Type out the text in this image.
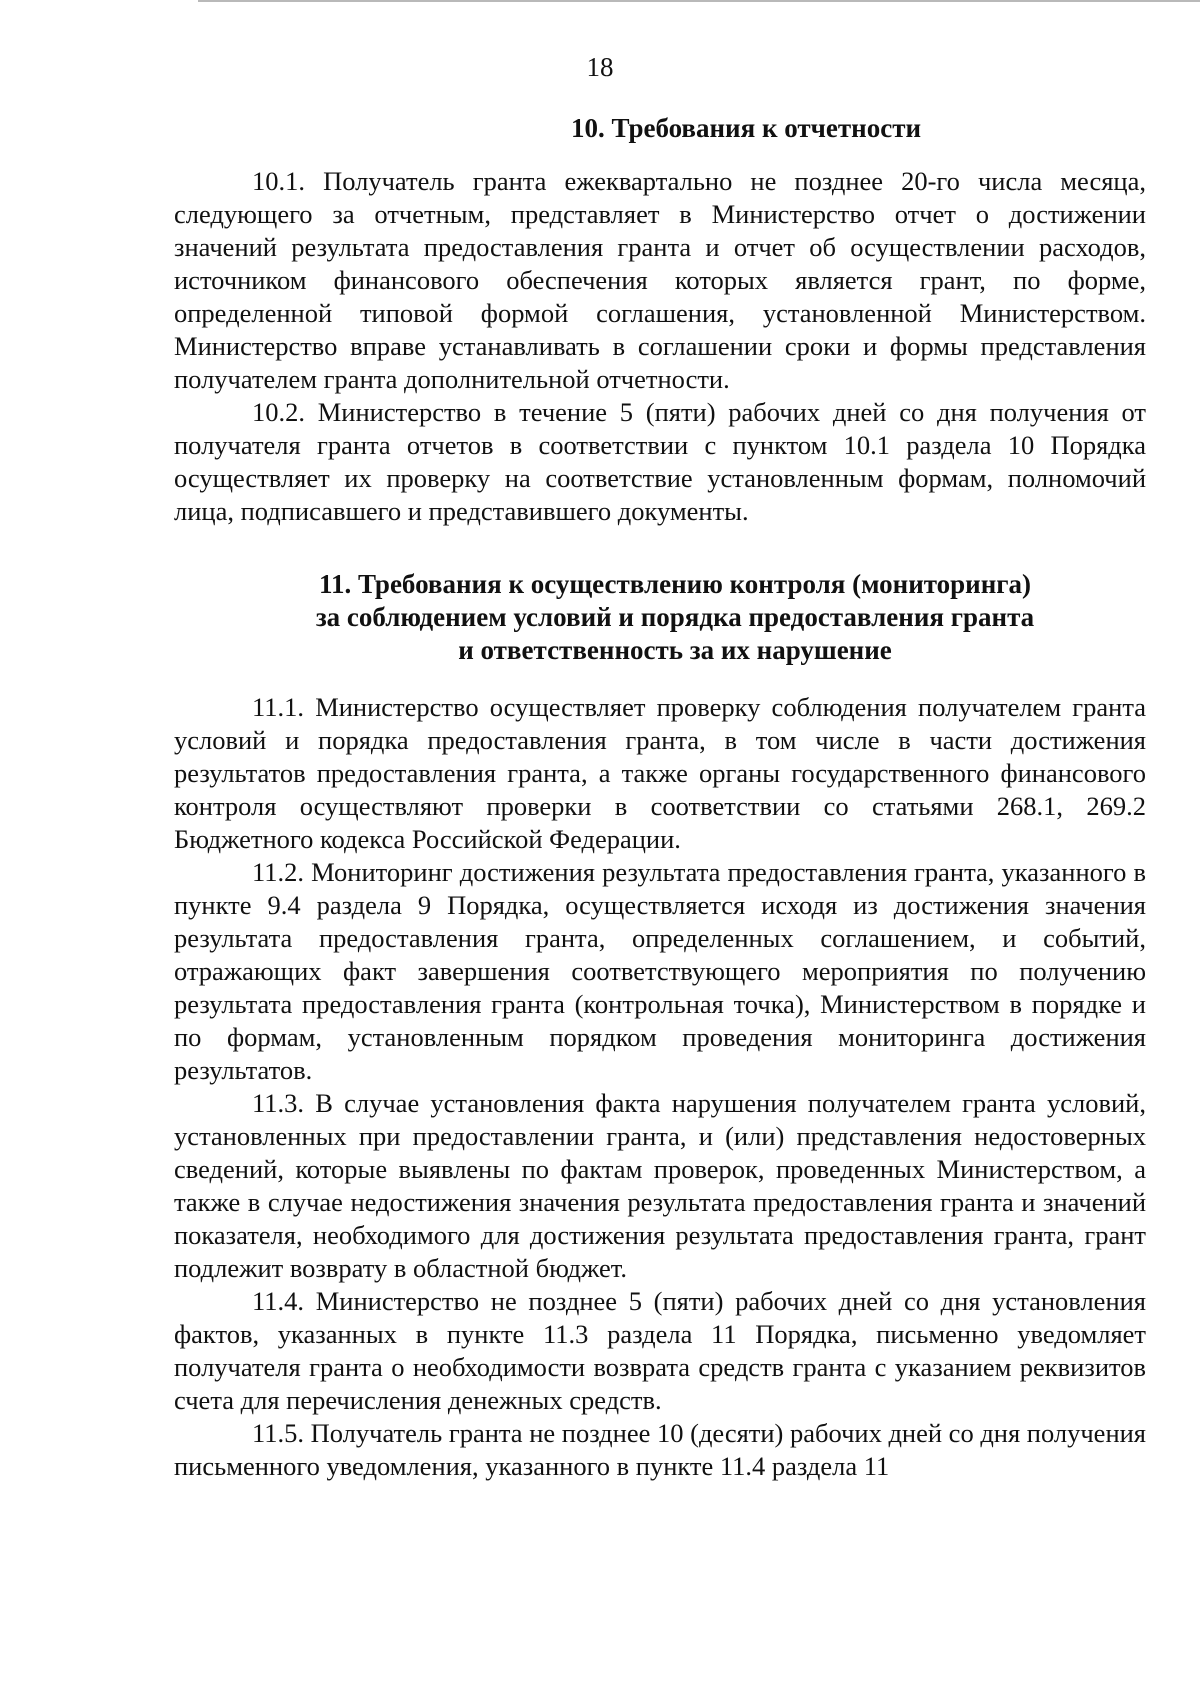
18
10. Требования к отчетности

10.1. Получатель гранта ежеквартально не позднее 20-го числа месяца, следующего за отчетным, представляет в Министерство отчет о достижении значений результата предоставления гранта и отчет об осуществлении расходов, источником финансового обеспечения которых является грант, по форме, определенной типовой формой соглашения, установленной Министерством. Министерство вправе устанавливать в соглашении сроки и формы представления получателем гранта дополнительной отчетности.

10.2. Министерство в течение 5 (пяти) рабочих дней со дня получения от получателя гранта отчетов в соответствии с пунктом 10.1 раздела 10 Порядка осуществляет их проверку на соответствие установленным формам, полномочий лица, подписавшего и представившего документы.

11. Требования к осуществлению контроля (мониторинга)
за соблюдением условий и порядка предоставления гранта
и ответственность за их нарушение

11.1. Министерство осуществляет проверку соблюдения получателем гранта условий и порядка предоставления гранта, в том числе в части достижения результатов предоставления гранта, а также органы государственного финансового контроля осуществляют проверки в соответствии со статьями 268.1, 269.2 Бюджетного кодекса Российской Федерации.

11.2. Мониторинг достижения результата предоставления гранта, указанного в пункте 9.4 раздела 9 Порядка, осуществляется исходя из достижения значения результата предоставления гранта, определенных соглашением, и событий, отражающих факт завершения соответствующего мероприятия по получению результата предоставления гранта (контрольная точка), Министерством в порядке и по формам, установленным порядком проведения мониторинга достижения результатов.

11.3. В случае установления факта нарушения получателем гранта условий, установленных при предоставлении гранта, и (или) представления недостоверных сведений, которые выявлены по фактам проверок, проведенных Министерством, а также в случае недостижения значения результата предоставления гранта и значений показателя, необходимого для достижения результата предоставления гранта, грант подлежит возврату в областной бюджет.

11.4. Министерство не позднее 5 (пяти) рабочих дней со дня установления фактов, указанных в пункте 11.3 раздела 11 Порядка, письменно уведомляет получателя гранта о необходимости возврата средств гранта с указанием реквизитов счета для перечисления денежных средств.

11.5. Получатель гранта не позднее 10 (десяти) рабочих дней со дня получения письменного уведомления, указанного в пункте 11.4 раздела 11
